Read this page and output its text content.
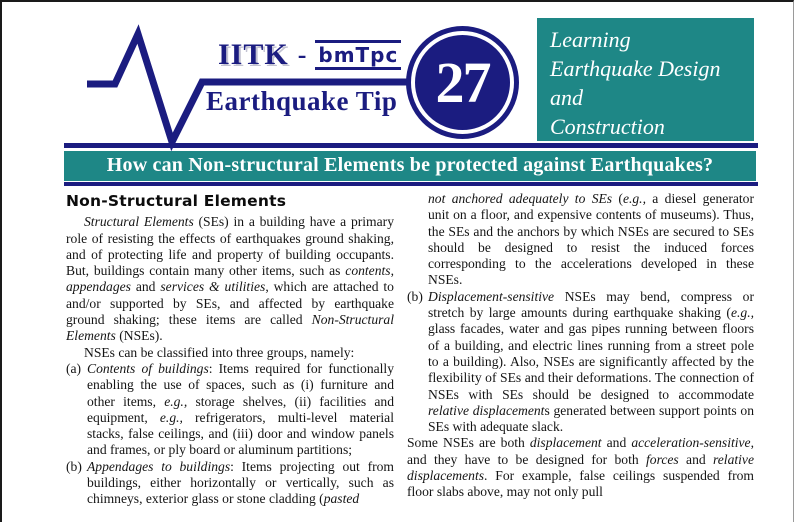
IITK - bmTpc
Earthquake Tip 27
Learning
Earthquake Design
and
Construction
How can Non-structural Elements be protected against Earthquakes?
Non-Structural Elements

Structural Elements (SEs) in a building have a primary role of resisting the effects of earthquakes ground shaking, and of protecting life and property of building occupants. But, buildings contain many other items, such as contents, appendages and services & utilities, which are attached to and/or supported by SEs, and affected by earthquake ground shaking; these items are called Non-Structural Elements (NSEs).

NSEs can be classified into three groups, namely:

(a) Contents of buildings: Items required for functionally enabling the use of spaces, such as (i) furniture and other items, e.g., storage shelves, (ii) facilities and equipment, e.g., refrigerators, multi-level material stacks, false ceilings, and (iii) door and window panels and frames, or ply board or aluminum partitions;
(b) Appendages to buildings: Items projecting out from buildings, either horizontally or vertically, such as chimneys, exterior glass or stone cladding (pasted
not anchored adequately to SEs (e.g., a diesel generator unit on a floor, and expensive contents of museums). Thus, the SEs and the anchors by which NSEs are secured to SEs should be designed to resist the induced forces corresponding to the accelerations developed in these NSEs.
(b) Displacement-sensitive NSEs may bend, compress or stretch by large amounts during earthquake shaking (e.g., glass facades, water and gas pipes running between floors of a building, and electric lines running from a street pole to a building). Also, NSEs are significantly affected by the flexibility of SEs and their deformations. The connection of NSEs with SEs should be designed to accommodate relative displacements generated between support points on SEs with adequate slack.

Some NSEs are both displacement and acceleration-sensitive, and they have to be designed for both forces and relative displacements. For example, false ceilings suspended from floor slabs above, may not only pull
